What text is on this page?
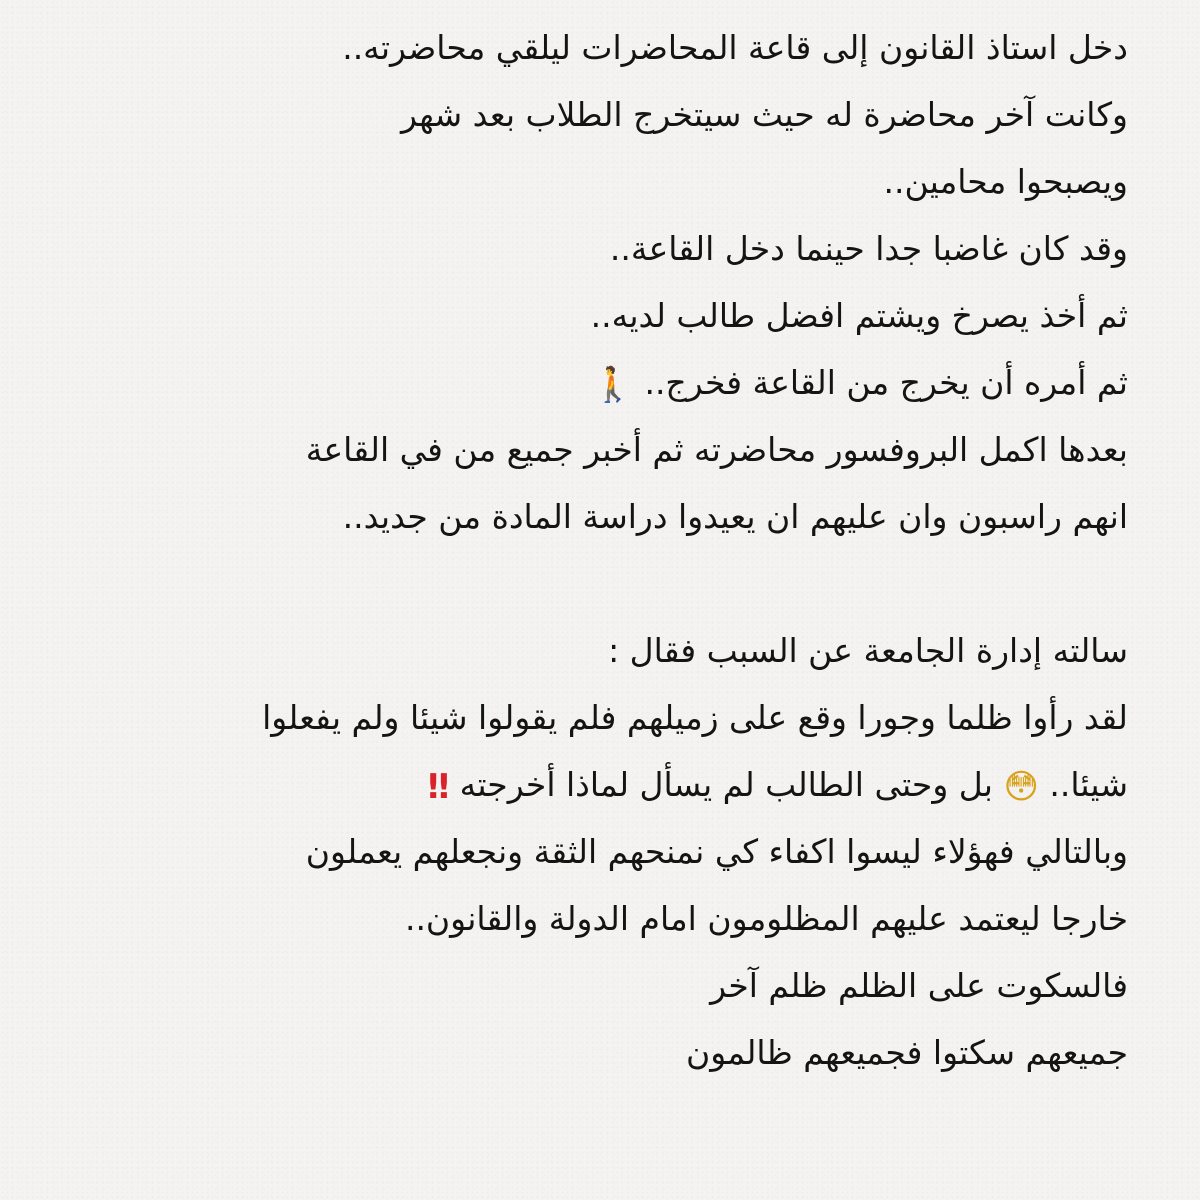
دخل استاذ القانون إلى قاعة المحاضرات ليلقي محاضرته..
وكانت آخر محاضرة له حيث سيتخرج الطلاب بعد شهر
ويصبحوا محامين..
وقد كان غاضبا جدا حينما دخل القاعة..
ثم أخذ يصرخ ويشتم افضل طالب لديه..
ثم أمره أن يخرج من القاعة فخرج.. 🚶
بعدها اكمل البروفسور محاضرته ثم أخبر جميع من في القاعة
انهم راسبون وان عليهم ان يعيدوا دراسة المادة من جديد..
سالته إدارة الجامعة عن السبب فقال :
لقد رأوا ظلما وجورا وقع على زميلهم فلم يقولوا شيئا ولم يفعلوا
شيئا.. 😳 بل وحتى الطالب لم يسأل لماذا أخرجته ‼
وبالتالي فهؤلاء ليسوا اكفاء كي نمنحهم الثقة ونجعلهم يعملون
خارجا ليعتمد عليهم المظلومون امام الدولة والقانون..
فالسكوت على الظلم ظلم آخر
جميعهم سكتوا فجميعهم ظالمون
